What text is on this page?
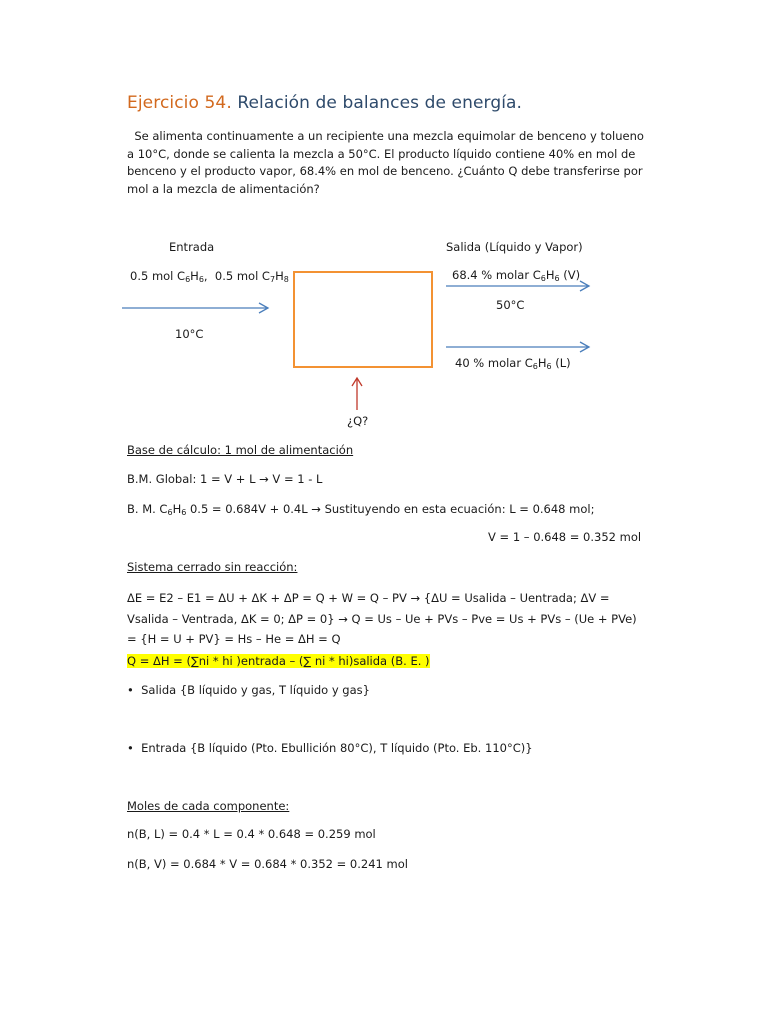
Ejercicio 54. Relación de balances de energía.
Se alimenta continuamente a un recipiente una mezcla equimolar de benceno y tolueno a 10°C, donde se calienta la mezcla a 50°C. El producto líquido contiene 40% en mol de benceno y el producto vapor, 68.4% en mol de benceno. ¿Cuánto Q debe transferirse por mol a la mezcla de alimentación?
Entrada
0.5 mol $C_6H_6$,  0.5 mol $C_7H_8$
10°C
Salida (Líquido y Vapor)
68.4 % molar $C_6H_6$ (V)
50°C
40 % molar $C_6H_6$ (L)
¿Q?
Base de cálculo: 1 mol de alimentación
B.M. Global: 1 = V + L → V = 1 - L
B. M. $C_6H_6$ 0.5 = 0.684V + 0.4L → Sustituyendo en esta ecuación: L = 0.648 mol;
V = 1 – 0.648 = 0.352 mol
Sistema cerrado sin reacción:
ΔE = E2 – E1 = ΔU + ΔK + ΔP = Q + W = Q – PV → {ΔU = Usalida – Uentrada; ΔV = Vsalida – Ventrada, ΔK = 0; ΔP = 0} → Q = Us – Ue + PVs – Pve = Us + PVs – (Ue + PVe) = {H = U + PV} = Hs – He = ΔH = Q
Q = ΔH = (∑ni * hi )entrada – (∑ ni * hi)salida (B. E. )
•  Salida {B líquido y gas, T líquido y gas}
•  Entrada {B líquido (Pto. Ebullición 80°C), T líquido (Pto. Eb. 110°C)}
Moles de cada componente:
n(B, L) = 0.4 * L = 0.4 * 0.648 = 0.259 mol
n(B, V) = 0.684 * V = 0.684 * 0.352 = 0.241 mol
